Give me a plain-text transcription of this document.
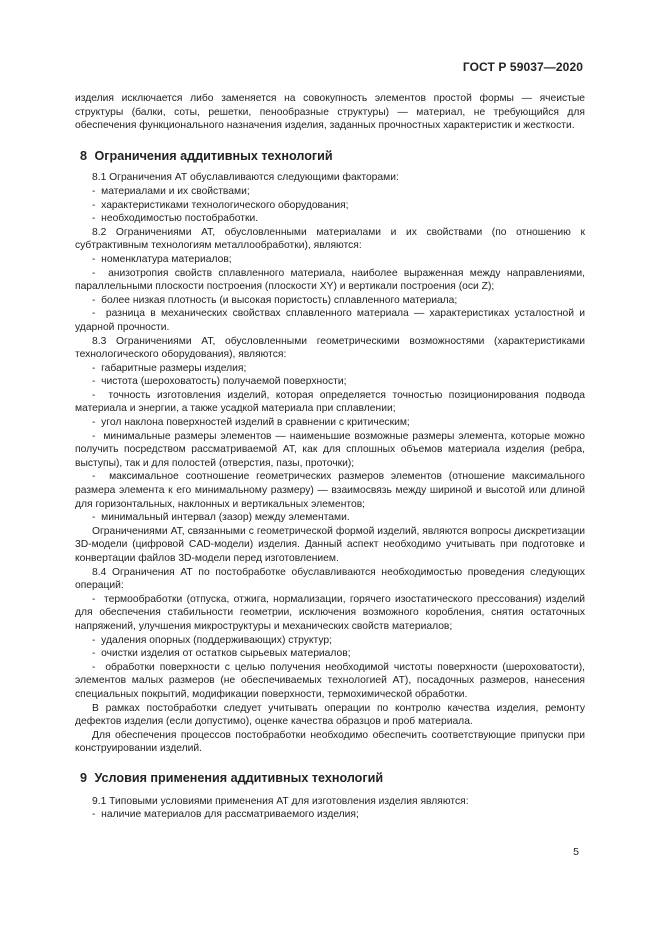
ГОСТ Р 59037—2020

изделия исключается либо заменяется на совокупность элементов простой формы — ячеистые структуры (балки, соты, решетки, пенообразные структуры) — материал, не требующийся для обеспечения функционального назначения изделия, заданных прочностных характеристик и жесткости.

8 Ограничения аддитивных технологий

8.1 Ограничения АТ обуславливаются следующими факторами:

-  материалами и их свойствами;

-  характеристиками технологического оборудования;

-  необходимостью постобработки.

8.2 Ограничениями АТ, обусловленными материалами и их свойствами (по отношению к субтрактивным технологиям металлообработки), являются:

-  номенклатура материалов;

-  анизотропия свойств сплавленного материала, наиболее выраженная между направлениями, параллельными плоскости построения (плоскости XY) и вертикали построения (оси Z);

-  более низкая плотность (и высокая пористость) сплавленного материала;

-  разница в механических свойствах сплавленного материала — характеристиках усталостной и ударной прочности.

8.3 Ограничениями АТ, обусловленными геометрическими возможностями (характеристиками технологического оборудования), являются:

-  габаритные размеры изделия;

-  чистота (шероховатость) получаемой поверхности;

-  точность изготовления изделий, которая определяется точностью позиционирования подвода материала и энергии, а также усадкой материала при сплавлении;

-  угол наклона поверхностей изделий в сравнении с критическим;

-  минимальные размеры элементов — наименьшие возможные размеры элемента, которые можно получить посредством рассматриваемой АТ, как для сплошных объемов материала изделия (ребра, выступы), так и для полостей (отверстия, пазы, проточки);

-  максимальное соотношение геометрических размеров элементов (отношение максимального размера элемента к его минимальному размеру) — взаимосвязь между шириной и высотой или длиной для горизонтальных, наклонных и вертикальных элементов;

-  минимальный интервал (зазор) между элементами.

Ограничениями АТ, связанными с геометрической формой изделий, являются вопросы дискретизации 3D-модели (цифровой CAD-модели) изделия. Данный аспект необходимо учитывать при подготовке и конвертации файлов 3D-модели перед изготовлением.

8.4 Ограничения АТ по постобработке обуславливаются необходимостью проведения следующих операций:

-  термообработки (отпуска, отжига, нормализации, горячего изостатического прессования) изделий для обеспечения стабильности геометрии, исключения возможного коробления, снятия остаточных напряжений, улучшения микроструктуры и механических свойств материалов;

-  удаления опорных (поддерживающих) структур;

-  очистки изделия от остатков сырьевых материалов;

-  обработки поверхности с целью получения необходимой чистоты поверхности (шероховатости), элементов малых размеров (не обеспечиваемых технологией АТ), посадочных размеров, нанесения специальных покрытий, модификации поверхности, термохимической обработки.

В рамках постобработки следует учитывать операции по контролю качества изделия, ремонту дефектов изделия (если допустимо), оценке качества образцов и проб материала.

Для обеспечения процессов постобработки необходимо обеспечить соответствующие припуски при конструировании изделий.

9 Условия применения аддитивных технологий

9.1 Типовыми условиями применения АТ для изготовления изделия являются:

-  наличие материалов для рассматриваемого изделия;

5
